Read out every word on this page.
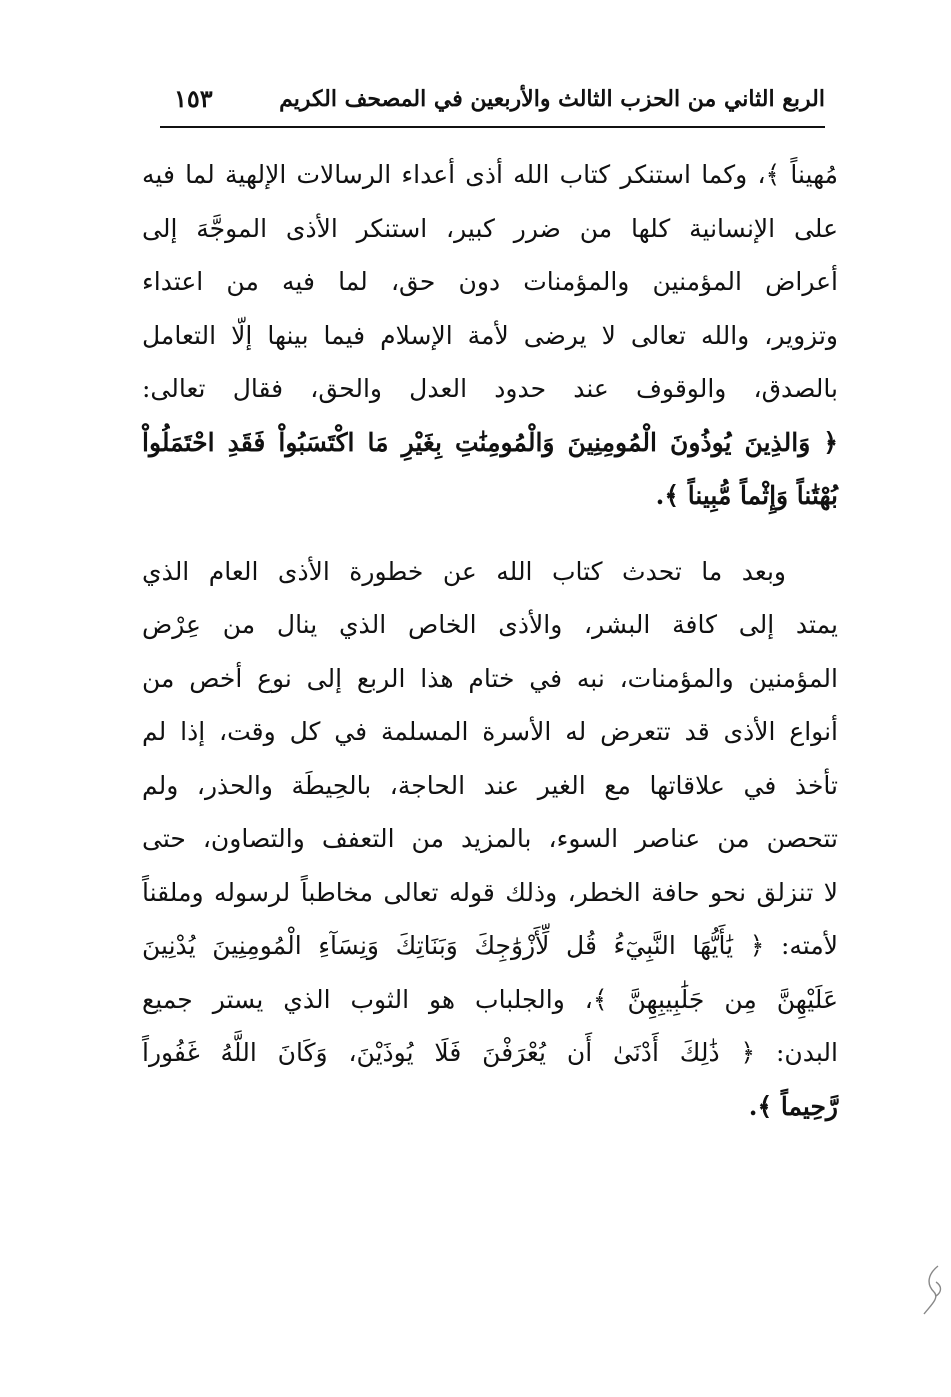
الربع الثاني من الحزب الثالث والأربعين في المصحف الكريم
١٥٣

مُهيناً ﴾، وكما استنكر كتاب الله أذى أعداء الرسالات الإلهية لما فيه
على الإنسانية كلها من ضرر كبير، استنكر الأذى الموجَّهَ إلى
أعراض المؤمنين والمؤمنات دون حق، لما فيه من اعتداء
وتزوير، والله تعالى لا يرضى لأمة الإسلام فيما بينها إلّا التعامل
بالصدق، والوقوف عند حدود العدل والحق، فقال تعالى:
﴿ وَالذِينَ يُوذُونَ الْمُومِنِينَ وَالْمُومِنَٰتِ بِغَيْرِ مَا اكْتَسَبُواْ فَقَدِ احْتَمَلُواْ
بُهْتَٰناً وَإِثْماً مُّبِيناً ﴾.

وبعد ما تحدث كتاب الله عن خطورة الأذى العام الذي
يمتد إلى كافة البشر، والأذى الخاص الذي ينال من عِرْض
المؤمنين والمؤمنات، نبه في ختام هذا الربع إلى نوع أخص من
أنواع الأذى قد تتعرض له الأسرة المسلمة في كل وقت، إذا لم
تأخذ في علاقاتها مع الغير عند الحاجة، بالحِيطَة والحذر، ولم
تتحصن من عناصر السوء، بالمزيد من التعفف والتصاون، حتى
لا تنزلق نحو حافة الخطر، وذلك قوله تعالى مخاطباً لرسوله وملقناً
لأمته: ﴿ يَٰأَيُّهَا النَّبِيٓءُ قُل لِّأَزْوَٰجِكَ وَبَنَاتِكَ وَنِسَآءِ الْمُومِنِينَ يُدْنِينَ
عَلَيْهِنَّ مِن جَلَٰبِيبِهِنَّ ﴾، والجلباب هو الثوب الذي يستر جميع
البدن: ﴿ ذَٰلِكَ أَدْنَىٰ أَن يُعْرَفْنَ فَلَا يُوذَيْنَ، وَكَانَ اللَّهُ غَفُوراً
رَّحِيماً ﴾.
